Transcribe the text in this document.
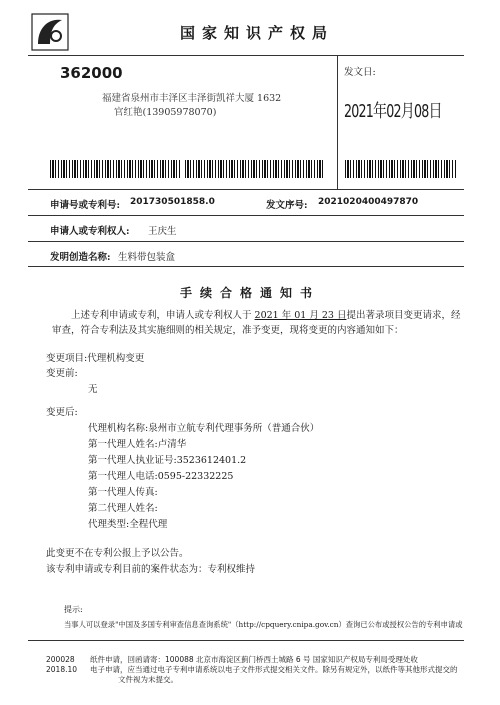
国家知识产权局
362000
福建省泉州市丰泽区丰泽街凯祥大厦 1632
官红艳(13905978070)
发文日:
2021年02月08日
申请号或专利号: 201730501858.0	发文序号: 2021020400497870
申请人或专利权人: 王庆生
发明创造名称: 生料带包装盒
手续合格通知书
上述专利申请或专利，申请人或专利权人于 2021 年 01 月 23 日提出著录项目变更请求，经审查，符合专利法及其实施细则的相关规定，准予变更，现将变更的内容通知如下：
变更项目:代理机构变更
变更前:
无
变更后:
代理机构名称:泉州市立航专利代理事务所（普通合伙）
第一代理人姓名:卢清华
第一代理人执业证号:3523612401.2
第一代理人电话:0595-22332225
第一代理人传真:
第二代理人姓名:
代理类型:全程代理
此变更不在专利公报上予以公告。
该专利申请或专利目前的案件状态为：专利权维持
提示:
当事人可以登录"中国及多国专利审查信息查询系统"（http://cpquery.cnipa.gov.cn）查询已公布或授权公告的专利申请或
200028
2018.10
纸件申请，回函请寄：100088 北京市海淀区蓟门桥西土城路 6 号 国家知识产权局专利局受理处收
电子申请，应当通过电子专利申请系统以电子文件形式提交相关文件。除另有规定外，以纸件等其他形式提交的
文件视为未提交。
